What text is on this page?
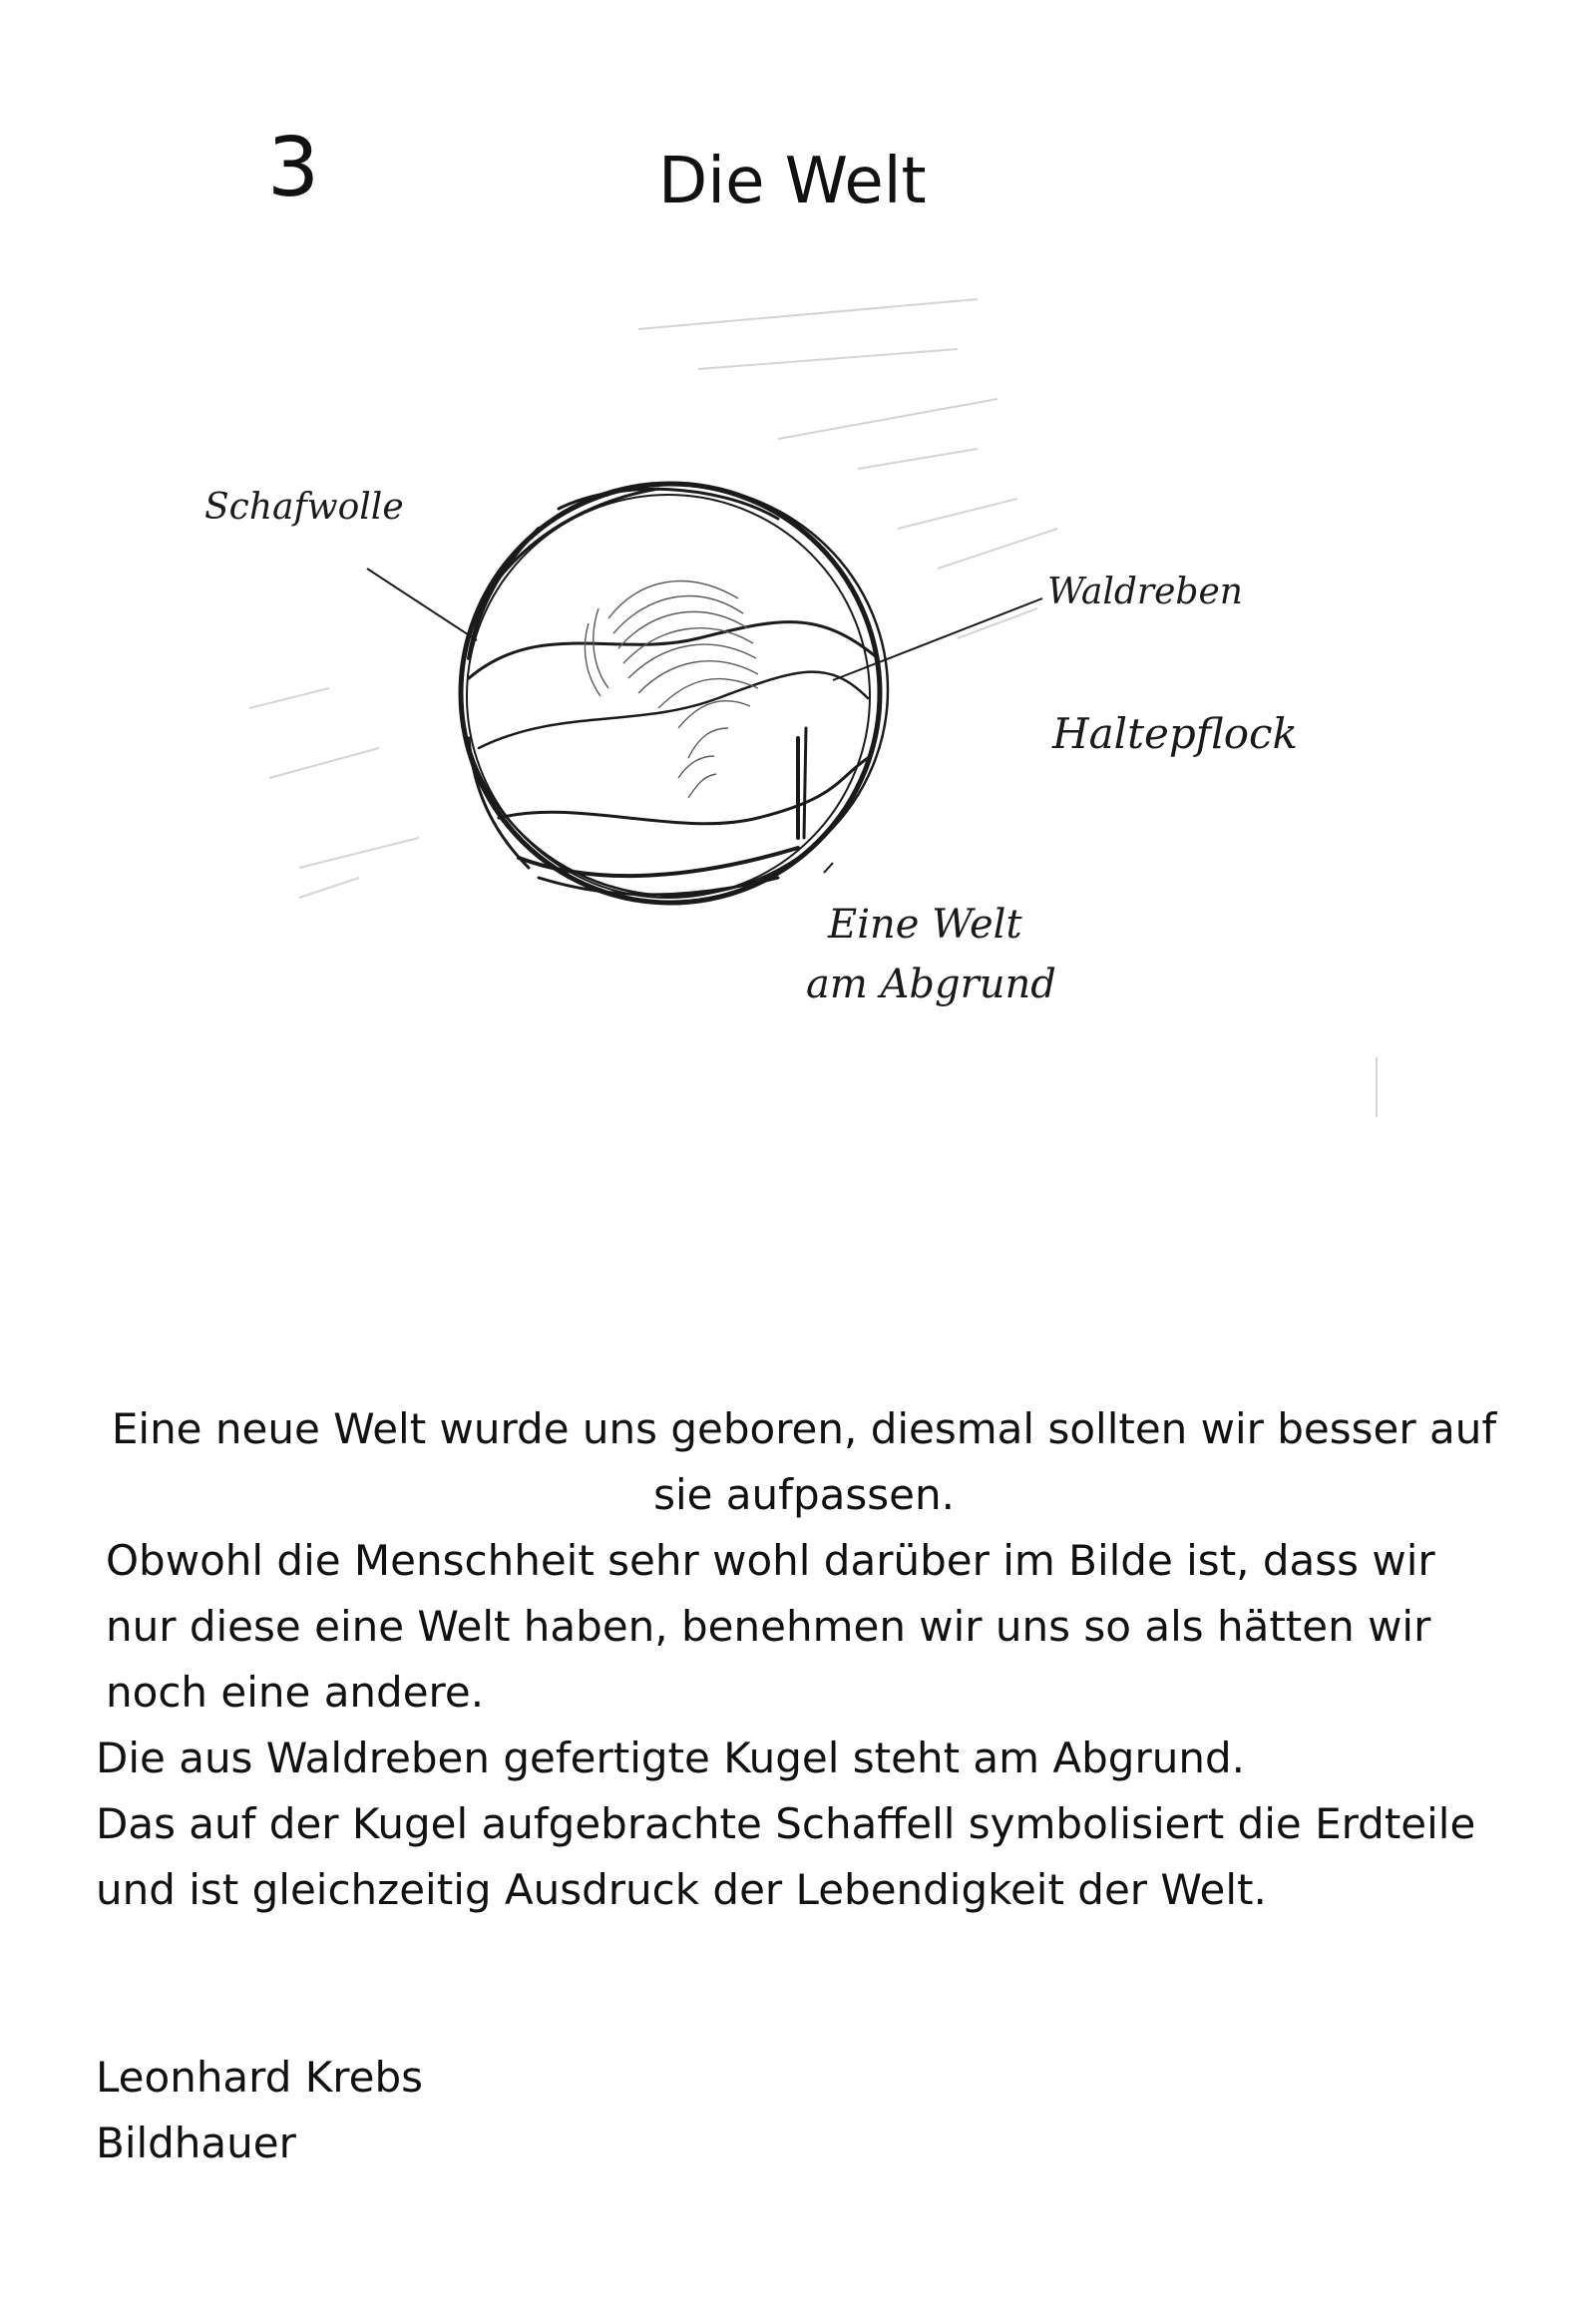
3	Die Welt
Schafwolle
Waldreben
Haltepflock
Eine Welt
am Abgrund

Eine neue Welt wurde uns geboren, diesmal sollten wir besser auf sie aufpassen.

Obwohl die Menschheit sehr wohl darüber im Bilde ist, dass wir nur diese eine Welt haben, benehmen wir uns so als hätten wir noch eine andere.

Die aus Waldreben gefertigte Kugel steht am Abgrund.

Das auf der Kugel aufgebrachte Schaffell symbolisiert die Erdteile und ist gleichzeitig Ausdruck der Lebendigkeit der Welt.

Leonhard Krebs
Bildhauer
